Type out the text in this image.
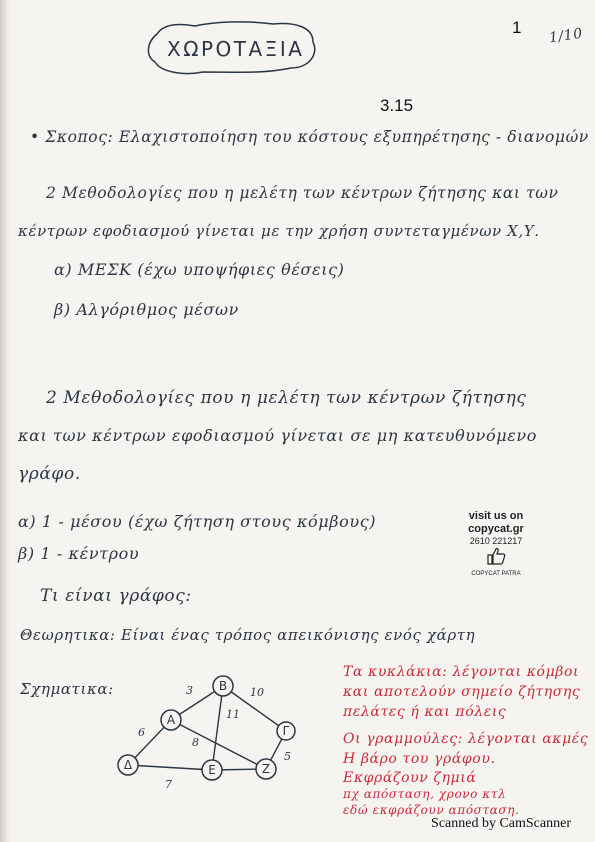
1 1/10
ΧΩΡΟΤΑΞΙΑ
3.15
• Σκοπος: Ελαχιστοποίηση του κόστους εξυπηρέτησης - διανομών
2 Μεθοδολογίες που η μελέτη των κέντρων ζήτησης και των
κέντρων εφοδιασμού γίνεται με την χρήση συντεταγμένων Χ,Υ.
α) ΜΕΣΚ (έχω υποψήφιες θέσεις)
β) Αλγόριθμος μέσων
2 Μεθοδολογίες που η μελέτη των κέντρων ζήτησης
και των κέντρων εφοδιασμού γίνεται σε μη κατευθυνόμενο
γράφο.
α) 1 - μέσου (έχω ζήτηση στους κόμβους)
β) 1 - κέντρου
visit us on
copycat.gr
2610 221217
COPYCAT PATRA
Τι είναι γράφος:
Θεωρητικα: Είναι ένας τρόπος απεικόνισης ενός χάρτη
Σχηματικα:
Α
Β
Γ
Δ	Ε	Ζ
3	10
6
8
11
5
7
Τα κυκλάκια: λέγονται κόμβοι
και αποτελούν σημείο ζήτησης
πελάτες ή και πόλεις
Οι γραμμούλες: λέγονται ακμές
Η βάρο του γράφου.
Εκφράζουν ζημιά
πχ απόσταση, χρονο κτλ
εδώ εκφράζουν απόσταση.
Scanned by CamScanner
